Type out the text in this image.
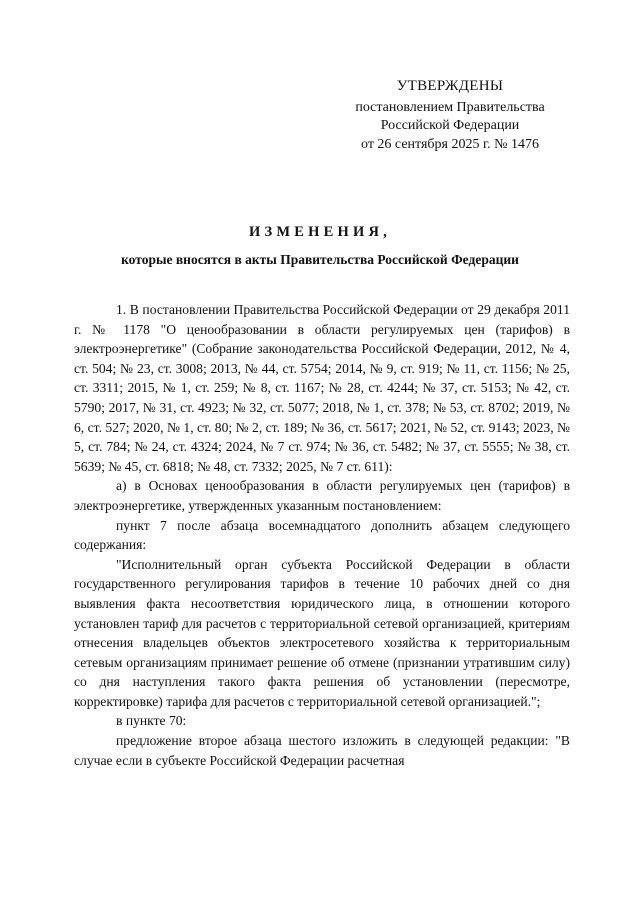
УТВЕРЖДЕНЫ
постановлением Правительства
Российской Федерации
от 26 сентября 2025 г. № 1476
ИЗМЕНЕНИЯ,
которые вносятся в акты Правительства Российской Федерации

1. В постановлении Правительства Российской Федерации от 29 декабря 2011 г. № 1178 "О ценообразовании в области регулируемых цен (тарифов) в электроэнергетике" (Собрание законодательства Российской Федерации, 2012, № 4, ст. 504; № 23, ст. 3008; 2013, № 44, ст. 5754; 2014, № 9, ст. 919; № 11, ст. 1156; № 25, ст. 3311; 2015, № 1, ст. 259; № 8, ст. 1167; № 28, ст. 4244; № 37, ст. 5153; № 42, ст. 5790; 2017, № 31, ст. 4923; № 32, ст. 5077; 2018, № 1, ст. 378; № 53, ст. 8702; 2019, № 6, ст. 527; 2020, № 1, ст. 80; № 2, ст. 189; № 36, ст. 5617; 2021, № 52, ст. 9143; 2023, № 5, ст. 784; № 24, ст. 4324; 2024, № 7 ст. 974; № 36, ст. 5482; № 37, ст. 5555; № 38, ст. 5639; № 45, ст. 6818; № 48, ст. 7332; 2025, № 7 ст. 611):

а) в Основах ценообразования в области регулируемых цен (тарифов) в электроэнергетике, утвержденных указанным постановлением:

пункт 7 после абзаца восемнадцатого дополнить абзацем следующего содержания:

"Исполнительный орган субъекта Российской Федерации в области государственного регулирования тарифов в течение 10 рабочих дней со дня выявления факта несоответствия юридического лица, в отношении которого установлен тариф для расчетов с территориальной сетевой организацией, критериям отнесения владельцев объектов электросетевого хозяйства к территориальным сетевым организациям принимает решение об отмене (признании утратившим силу) со дня наступления такого факта решения об установлении (пересмотре, корректировке) тарифа для расчетов с территориальной сетевой организацией.";

в пункте 70:

предложение второе абзаца шестого изложить в следующей редакции: "В случае если в субъекте Российской Федерации расчетная
